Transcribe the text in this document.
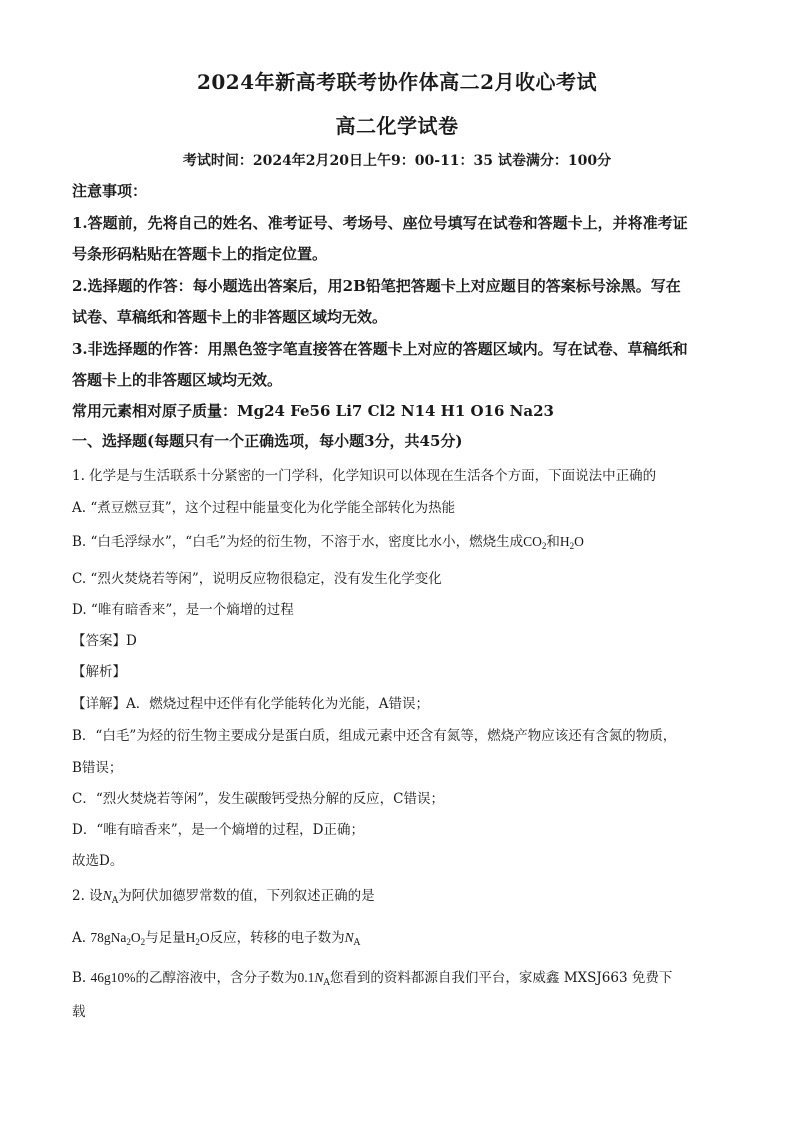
2024年新高考联考协作体高二2月收心考试
高二化学试卷
考试时间：2024年2月20日上午9：00-11：35 试卷满分：100分
注意事项：
1.答题前，先将自己的姓名、准考证号、考场号、座位号填写在试卷和答题卡上，并将准考证
号条形码粘贴在答题卡上的指定位置。
2.选择题的作答：每小题选出答案后，用2B铅笔把答题卡上对应题目的答案标号涂黑。写在
试卷、草稿纸和答题卡上的非答题区域均无效。
3.非选择题的作答：用黑色签字笔直接答在答题卡上对应的答题区域内。写在试卷、草稿纸和
答题卡上的非答题区域均无效。
常用元素相对原子质量：Mg24 Fe56 Li7 Cl2 N14 H1 O16 Na23
一、选择题(每题只有一个正确选项，每小题3分，共45分)
1. 化学是与生活联系十分紧密的一门学科，化学知识可以体现在生活各个方面，下面说法中正确的
A. “煮豆燃豆萁”，这个过程中能量变化为化学能全部转化为热能
B. “白毛浮绿水”，“白毛”为烃的衍生物，不溶于水，密度比水小，燃烧生成$CO_2$和$H_2O$
C. “烈火焚烧若等闲”，说明反应物很稳定，没有发生化学变化
D. “唯有暗香来”，是一个熵增的过程
【答案】D
【解析】
【详解】A．燃烧过程中还伴有化学能转化为光能，A错误；
B．“白毛”为烃的衍生物主要成分是蛋白质，组成元素中还含有氮等，燃烧产物应该还有含氮的物质，
B错误；
C．“烈火焚烧若等闲”，发生碳酸钙受热分解的反应，C错误；
D．“唯有暗香来”，是一个熵增的过程，D正确；
故选D。
2. 设$N_A$为阿伏加德罗常数的值，下列叙述正确的是
A. $78gNa_2O_2$与足量$H_2O$反应，转移的电子数为$N_A$
B. 46g10%的乙醇溶液中，含分子数为$0.1N_A$您看到的资料都源自我们平台，家威鑫 MXSJ663 免费下
载
